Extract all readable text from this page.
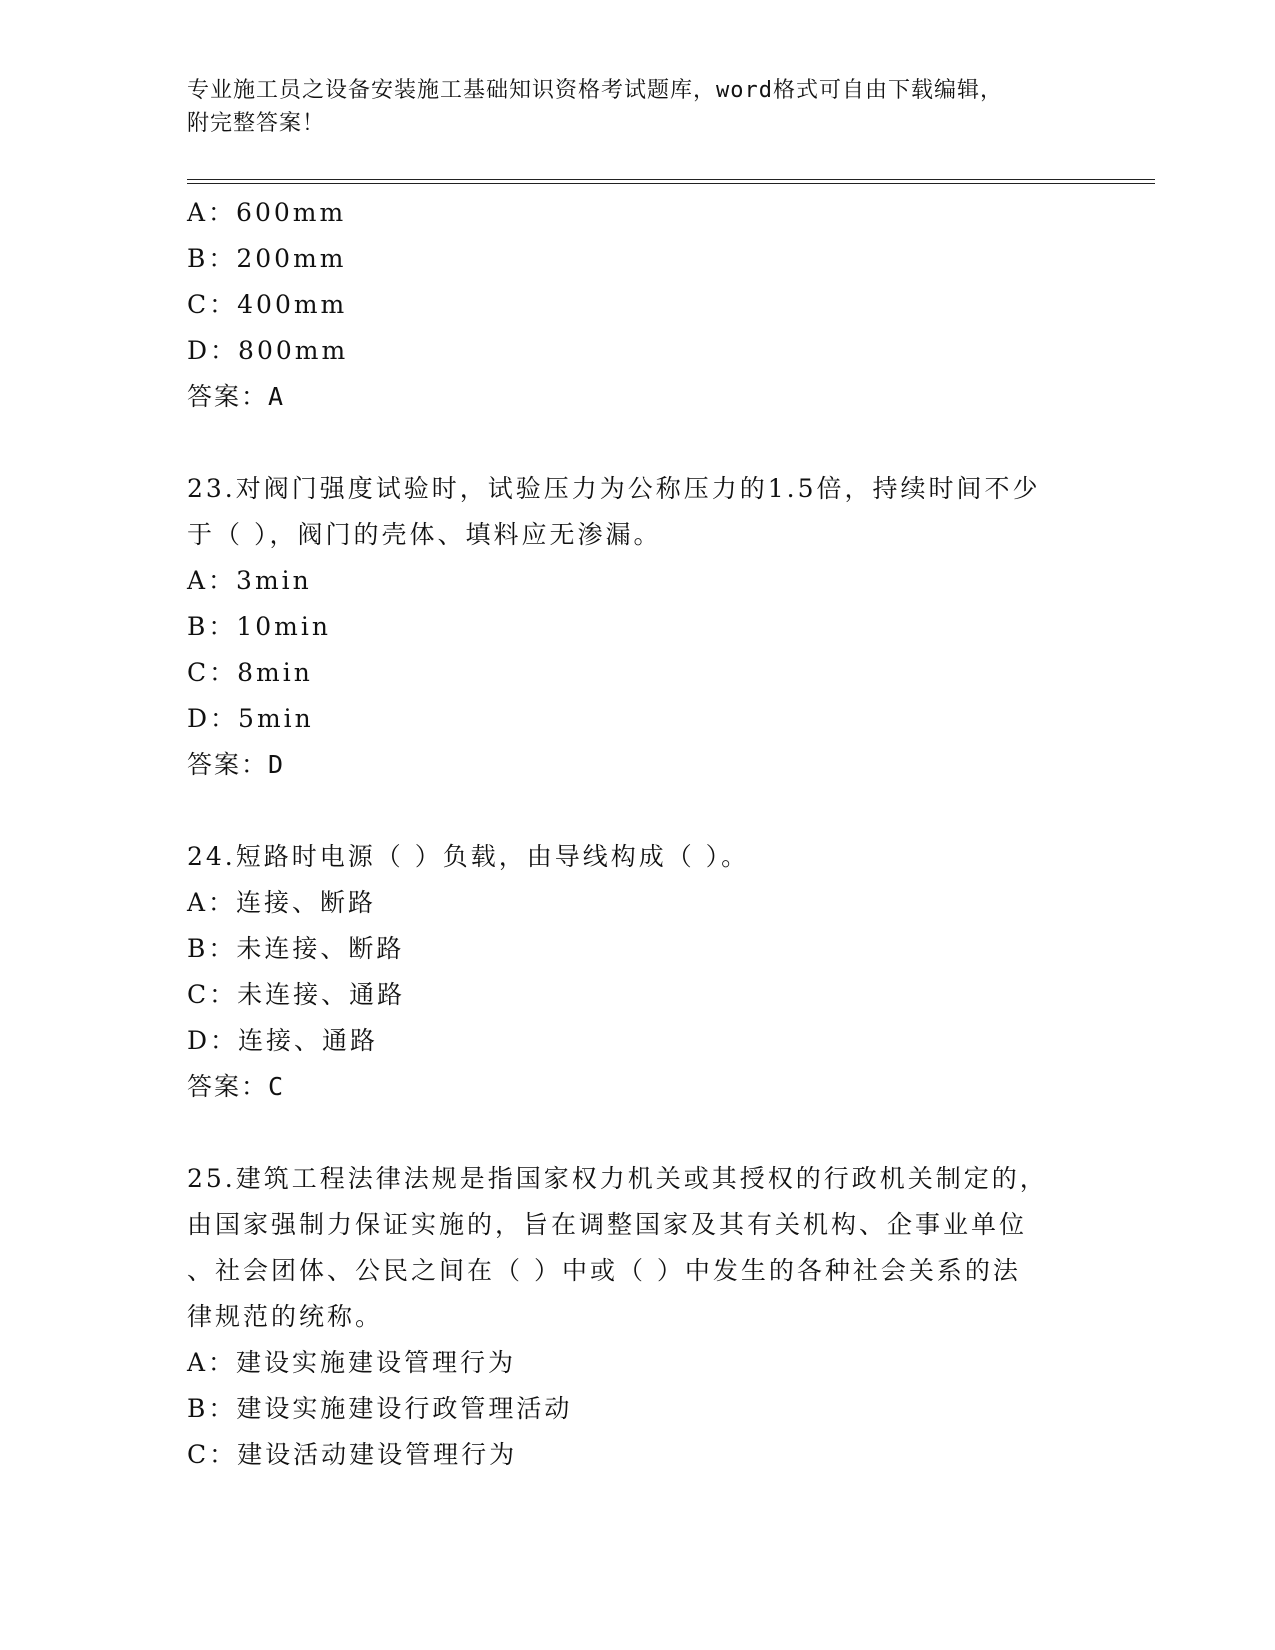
专业施工员之设备安装施工基础知识资格考试题库，word格式可自由下载编辑，
附完整答案！
A：600mm
B：200mm
C：400mm
D：800mm
答案：A
23.对阀门强度试验时，试验压力为公称压力的1.5倍，持续时间不少
于（ ），阀门的壳体、填料应无渗漏。
A：3min
B：10min
C：8min
D：5min
答案：D
24.短路时电源（ ）负载，由导线构成（ ）。
A：连接、断路
B：未连接、断路
C：未连接、通路
D：连接、通路
答案：C
25.建筑工程法律法规是指国家权力机关或其授权的行政机关制定的，
由国家强制力保证实施的，旨在调整国家及其有关机构、企事业单位
、社会团体、公民之间在（ ）中或（ ）中发生的各种社会关系的法
律规范的统称。
A：建设实施建设管理行为
B：建设实施建设行政管理活动
C：建设活动建设管理行为
